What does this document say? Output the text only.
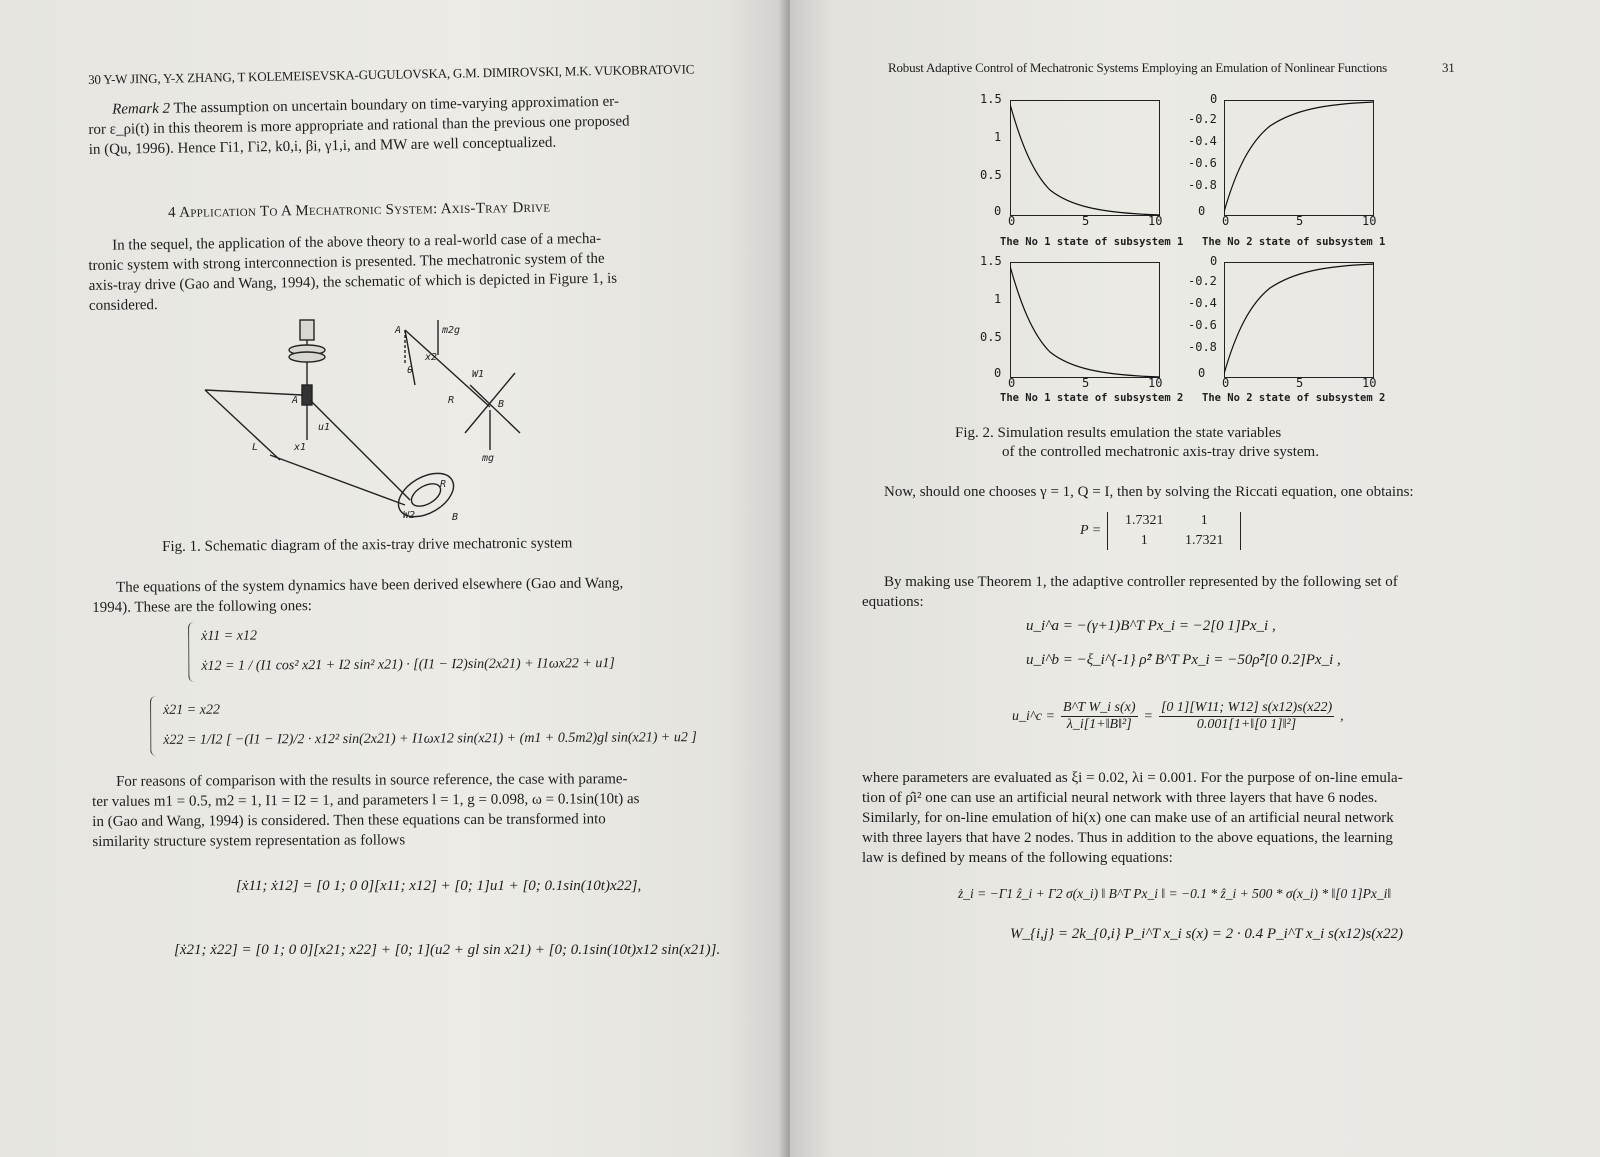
30 Y-W JING, Y-X ZHANG, T KOLEMEISEVSKA-GUGULOVSKA, G.M. DIMIROVSKI, M.K. VUKOBRATOVIC
Remark 2 The assumption on uncertain boundary on time-varying approximation er-
ror ε_ρi(t) in this theorem is more appropriate and rational than the previous one proposed
in (Qu, 1996). Hence Γi1, Γi2, k0,i, βi, γ1,i, and MW are well conceptualized.
4 Application To A Mechatronic System: Axis-Tray Drive
In the sequel, the application of the above theory to a real-world case of a mecha-
tronic system with strong interconnection is presented. The mechatronic system of the
axis-tray drive (Gao and Wang, 1994), the schematic of which is depicted in Figure 1, is
considered.
A	m2g
θ
x2
W1
R	B
A
L	x1
u1
mg
R
W2	B
Fig. 1. Schematic diagram of the axis-tray drive mechatronic system
The equations of the system dynamics have been derived elsewhere (Gao and Wang,
1994). These are the following ones:
ẋ11 = x12
ẋ12 = 1 / (I1 cos² x21 + I2 sin² x21) · [(I1 − I2)sin(2x21) + I1ωx22 + u1]
ẋ21 = x22
ẋ22 = 1/I2 [ −(I1 − I2)/2 · x12² sin(2x21) + I1ωx12 sin(x21) + (m1 + 0.5m2)gl sin(x21) + u2 ]
For reasons of comparison with the results in source reference, the case with parame-
ter values m1 = 0.5, m2 = 1, I1 = I2 = 1, and parameters l = 1, g = 0.098, ω = 0.1sin(10t) as
in (Gao and Wang, 1994) is considered. Then these equations can be transformed into
similarity structure system representation as follows
[ẋ11; ẋ12] = [0 1; 0 0][x11; x12] + [0; 1]u1 + [0; 0.1sin(10t)x22],
[ẋ21; ẋ22] = [0 1; 0 0][x21; x22] + [0; 1](u2 + gl sin x21) + [0; 0.1sin(10t)x12 sin(x21)].
Robust Adaptive Control of Mechatronic Systems Employing an Emulation of Nonlinear Functions	31
1.5
1
0.5
0
0	5	10
The No 1 state of subsystem 1
0
-0.2
-0.4
-0.6
-0.8
0
0	5	10
The No 2 state of subsystem 1
1.5
1
0.5
0
0	5	10
The No 1 state of subsystem 2
0
-0.2
-0.4
-0.6
-0.8
0
0	5	10
The No 2 state of subsystem 2
Fig. 2. Simulation results emulation the state variables
of the controlled mechatronic axis-tray drive system.
Now, should one chooses γ = 1, Q = I, then by solving the Riccati equation, one obtains:
P =
1.7321	1
1	1.7321
By making use Theorem 1, the adaptive controller represented by the following set of
equations:
u_i^a = −(γ+1)B^T Px_i = −2[0 1]Px_i ,
u_i^b = −ξ_i^{-1} ρ̂² B^T Px_i = −50ρ̂²[0 0.2]Px_i ,
u_i^c = $\frac{\text{B\textasciicircum{}T W\_i s(x)}}{\text{λ\_i[1+‖B‖²]}} = \frac{[0 1][W11; W12] s(x12)s(x22)}{\text{0.001[1+‖[0 1]‖²]}}$ ,
where parameters are evaluated as ξi = 0.02, λi = 0.001. For the purpose of on-line emula-
tion of ρ̂i² one can use an artificial neural network with three layers that have 6 nodes.
Similarly, for on-line emulation of hi(x) one can make use of an artificial neural network
with three layers that have 2 nodes. Thus in addition to the above equations, the learning
law is defined by means of the following equations:
ż_i = −Γ1 ẑ_i + Γ2 σ(x_i) ‖ B^T Px_i ‖ = −0.1 * ẑ_i + 500 * σ(x_i) * ‖[0 1]Px_i‖
W_{i,j} = 2k_{0,i} P_i^T x_i s(x) = 2 · 0.4 P_i^T x_i s(x12)s(x22)
